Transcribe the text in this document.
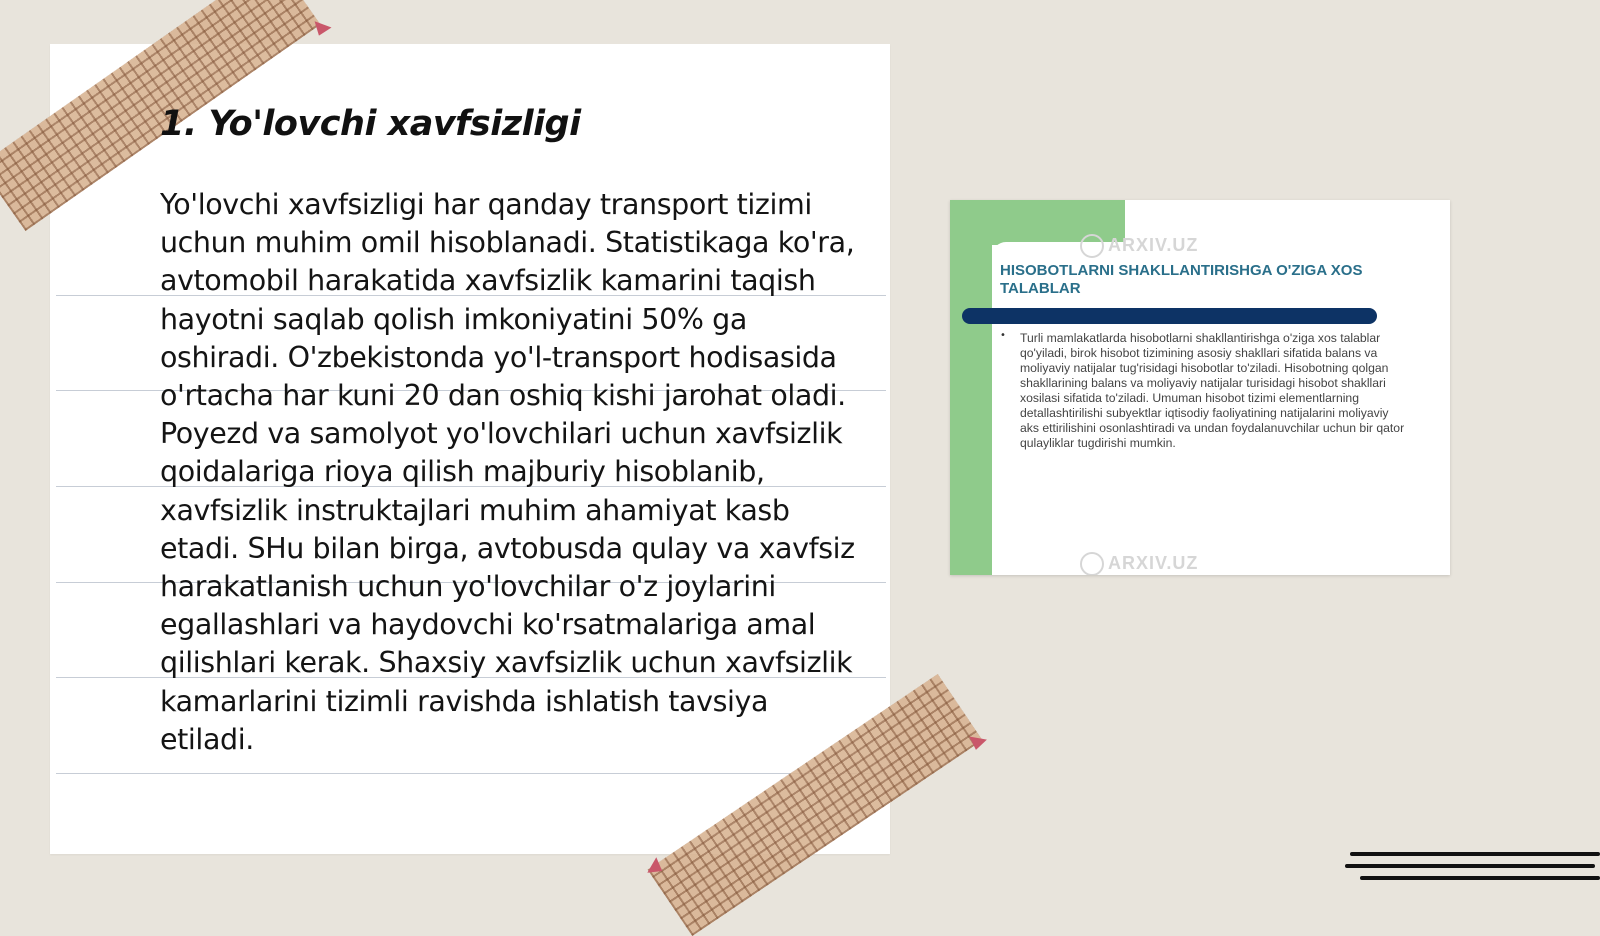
1. Yo'lovchi xavfsizligi
Yo'lovchi xavfsizligi har qanday transport tizimi uchun muhim omil hisoblanadi. Statistikaga ko'ra, avtomobil harakatida xavfsizlik kamarini taqish hayotni saqlab qolish imkoniyatini 50% ga oshiradi. O'zbekistonda yo'l-transport hodisasida o'rtacha har kuni 20 dan oshiq kishi jarohat oladi. Poyezd va samolyot yo'lovchilari uchun xavfsizlik qoidalariga rioya qilish majburiy hisoblanib, xavfsizlik instruktajlari muhim ahamiyat kasb etadi. SHu bilan birga, avtobusda qulay va xavfsiz harakatlanish uchun yo'lovchilar o'z joylarini egallashlari va haydovchi ko'rsatmalariga amal qilishlari kerak. Shaxsiy xavfsizlik uchun xavfsizlik kamarlarini tizimli ravishda ishlatish tavsiya etiladi.
ARXIV.UZ
HISOBOTLARNI SHAKLLANTIRISHGA O'ZIGA XOS TALABLAR
• Turli mamlakatlarda hisobotlarni shakllantirishga o'ziga xos talablar qo'yiladi, birok hisobot tizimining asosiy shakllari sifatida balans va moliyaviy natijalar tug'risidagi hisobotlar to'ziladi. Hisobotning qolgan shakllarining balans va moliyaviy natijalar turisidagi hisobot shakllari xosilasi sifatida to'ziladi. Umuman hisobot tizimi elementlarning detallashtirilishi subyektlar iqtisodiy faoliyatining natijalarini moliyaviy aks ettirilishini osonlashtiradi va undan foydalanuvchilar uchun bir qator qulayliklar tugdirishi mumkin.
ARXIV.UZ
